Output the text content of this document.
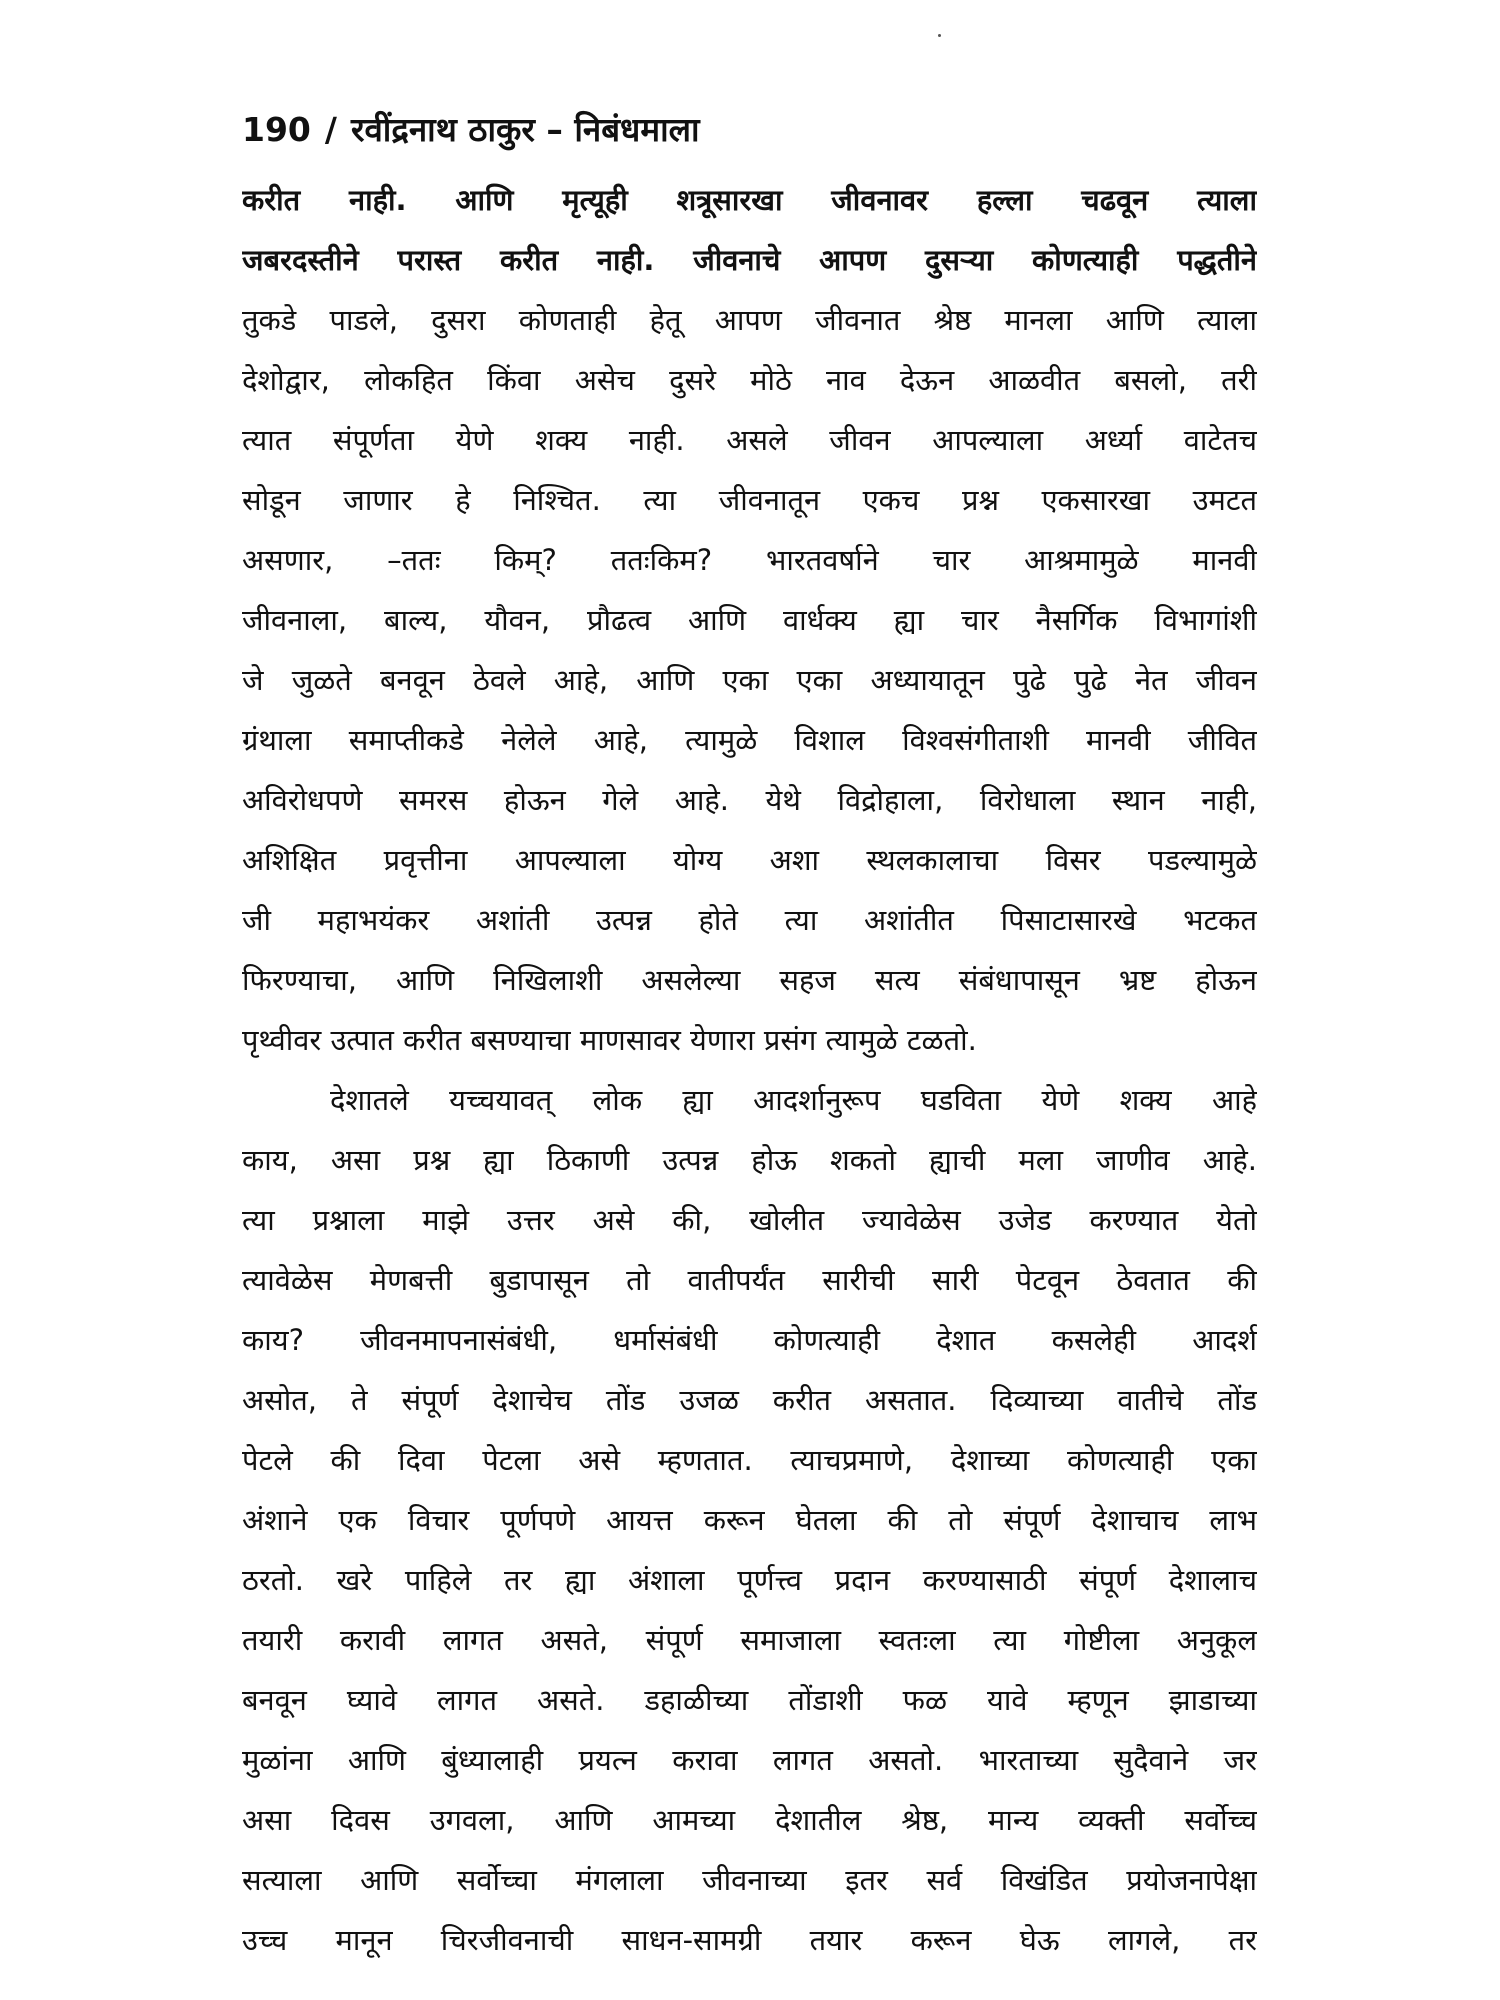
190 / रवींद्रनाथ ठाकुर – निबंधमाला
करीत नाही. आणि मृत्यूही शत्रूसारखा जीवनावर हल्ला चढवून त्याला
जबरदस्तीने परास्त करीत नाही. जीवनाचे आपण दुसऱ्या कोणत्याही पद्धतीने
तुकडे पाडले, दुसरा कोणताही हेतू आपण जीवनात श्रेष्ठ मानला आणि त्याला
देशोद्वार, लोकहित किंवा असेच दुसरे मोठे नाव देऊन आळवीत बसलो, तरी
त्यात संपूर्णता येणे शक्य नाही. असले जीवन आपल्याला अर्ध्या वाटेतच
सोडून जाणार हे निश्चित. त्या जीवनातून एकच प्रश्न एकसारखा उमटत
असणार, –ततः किम्? ततःकिम? भारतवर्षाने चार आश्रमामुळे मानवी
जीवनाला, बाल्य, यौवन, प्रौढत्व आणि वार्धक्य ह्या चार नैसर्गिक विभागांशी
जे जुळते बनवून ठेवले आहे, आणि एका एका अध्यायातून पुढे पुढे नेत जीवन
ग्रंथाला समाप्तीकडे नेलेले आहे, त्यामुळे विशाल विश्वसंगीताशी मानवी जीवित
अविरोधपणे समरस होऊन गेले आहे. येथे विद्रोहाला, विरोधाला स्थान नाही,
अशिक्षित प्रवृत्तीना आपल्याला योग्य अशा स्थलकालाचा विसर पडल्यामुळे
जी महाभयंकर अशांती उत्पन्न होते त्या अशांतीत पिसाटासारखे भटकत
फिरण्याचा, आणि निखिलाशी असलेल्या सहज सत्य संबंधापासून भ्रष्ट होऊन
पृथ्वीवर उत्पात करीत बसण्याचा माणसावर येणारा प्रसंग त्यामुळे टळतो.
देशातले यच्चयावत् लोक ह्या आदर्शानुरूप घडविता येणे शक्य आहे
काय, असा प्रश्न ह्या ठिकाणी उत्पन्न होऊ शकतो ह्याची मला जाणीव आहे.
त्या प्रश्नाला माझे उत्तर असे की, खोलीत ज्यावेळेस उजेड करण्यात येतो
त्यावेळेस मेणबत्ती बुडापासून तो वातीपर्यंत सारीची सारी पेटवून ठेवतात की
काय? जीवनमापनासंबंधी, धर्मासंबंधी कोणत्याही देशात कसलेही आदर्श
असोत, ते संपूर्ण देशाचेच तोंड उजळ करीत असतात. दिव्याच्या वातीचे तोंड
पेटले की दिवा पेटला असे म्हणतात. त्याचप्रमाणे, देशाच्या कोणत्याही एका
अंशाने एक विचार पूर्णपणे आयत्त करून घेतला की तो संपूर्ण देशाचाच लाभ
ठरतो. खरे पाहिले तर ह्या अंशाला पूर्णत्त्व प्रदान करण्यासाठी संपूर्ण देशालाच
तयारी करावी लागत असते, संपूर्ण समाजाला स्वतःला त्या गोष्टीला अनुकूल
बनवून घ्यावे लागत असते. डहाळीच्या तोंडाशी फळ यावे म्हणून झाडाच्या
मुळांना आणि बुंध्यालाही प्रयत्न करावा लागत असतो. भारताच्या सुदैवाने जर
असा दिवस उगवला, आणि आमच्या देशातील श्रेष्ठ, मान्य व्यक्ती सर्वोच्च
सत्याला आणि सर्वोच्चा मंगलाला जीवनाच्या इतर सर्व विखंडित प्रयोजनापेक्षा
उच्च मानून चिरजीवनाची साधन-सामग्री तयार करून घेऊ लागले, तर
